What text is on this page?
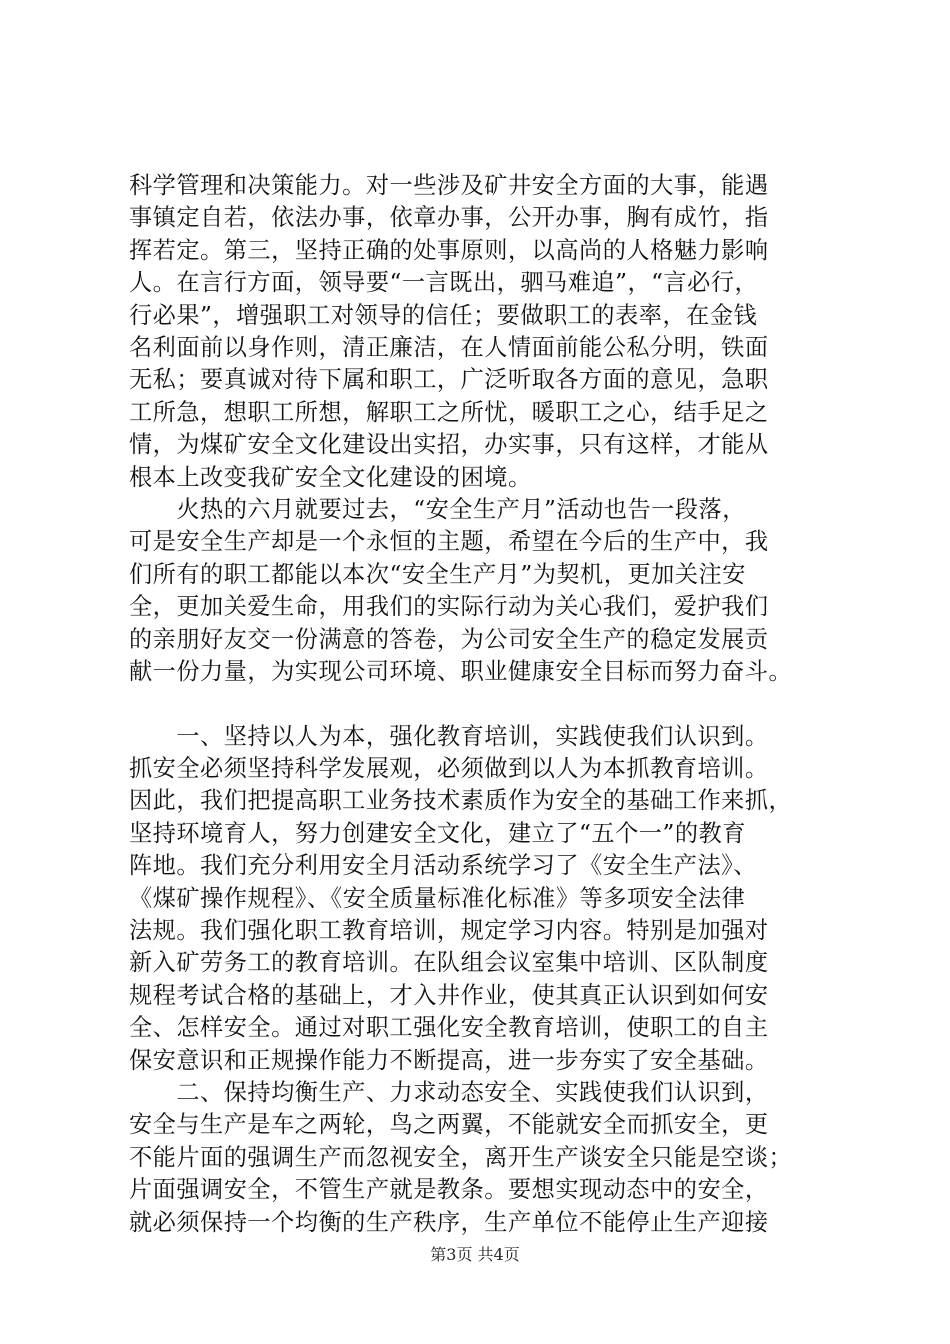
科学管理和决策能力。对一些涉及矿井安全方面的大事，能遇

事镇定自若，依法办事，依章办事，公开办事，胸有成竹，指

挥若定。第三，坚持正确的处事原则，以高尚的人格魅力影响

人。在言行方面，领导要“一言既出，驷马难追”，“言必行，

行必果”，增强职工对领导的信任；要做职工的表率，在金钱

名利面前以身作则，清正廉洁，在人情面前能公私分明，铁面

无私；要真诚对待下属和职工，广泛听取各方面的意见，急职

工所急，想职工所想，解职工之所忧，暖职工之心，结手足之

情，为煤矿安全文化建设出实招，办实事，只有这样，才能从

根本上改变我矿安全文化建设的困境。

　　火热的六月就要过去，“安全生产月”活动也告一段落，

可是安全生产却是一个永恒的主题，希望在今后的生产中，我

们所有的职工都能以本次“安全生产月”为契机，更加关注安

全，更加关爱生命，用我们的实际行动为关心我们，爱护我们

的亲朋好友交一份满意的答卷，为公司安全生产的稳定发展贡

献一份力量，为实现公司环境、职业健康安全目标而努力奋斗。

　　一、坚持以人为本，强化教育培训，实践使我们认识到。

抓安全必须坚持科学发展观，必须做到以人为本抓教育培训。

因此，我们把提高职工业务技术素质作为安全的基础工作来抓，

坚持环境育人，努力创建安全文化，建立了“五个一”的教育

阵地。我们充分利用安全月活动系统学习了《安全生产法》、

《煤矿操作规程》、《安全质量标准化标准》等多项安全法律

法规。我们强化职工教育培训，规定学习内容。特别是加强对

新入矿劳务工的教育培训。在队组会议室集中培训、区队制度

规程考试合格的基础上，才入井作业，使其真正认识到如何安

全、怎样安全。通过对职工强化安全教育培训，使职工的自主

保安意识和正规操作能力不断提高，进一步夯实了安全基础。

　　二、保持均衡生产、力求动态安全、实践使我们认识到，

安全与生产是车之两轮，鸟之两翼，不能就安全而抓安全，更

不能片面的强调生产而忽视安全，离开生产谈安全只能是空谈；

片面强调安全，不管生产就是教条。要想实现动态中的安全，

就必须保持一个均衡的生产秩序，生产单位不能停止生产迎接

第3页 共4页
